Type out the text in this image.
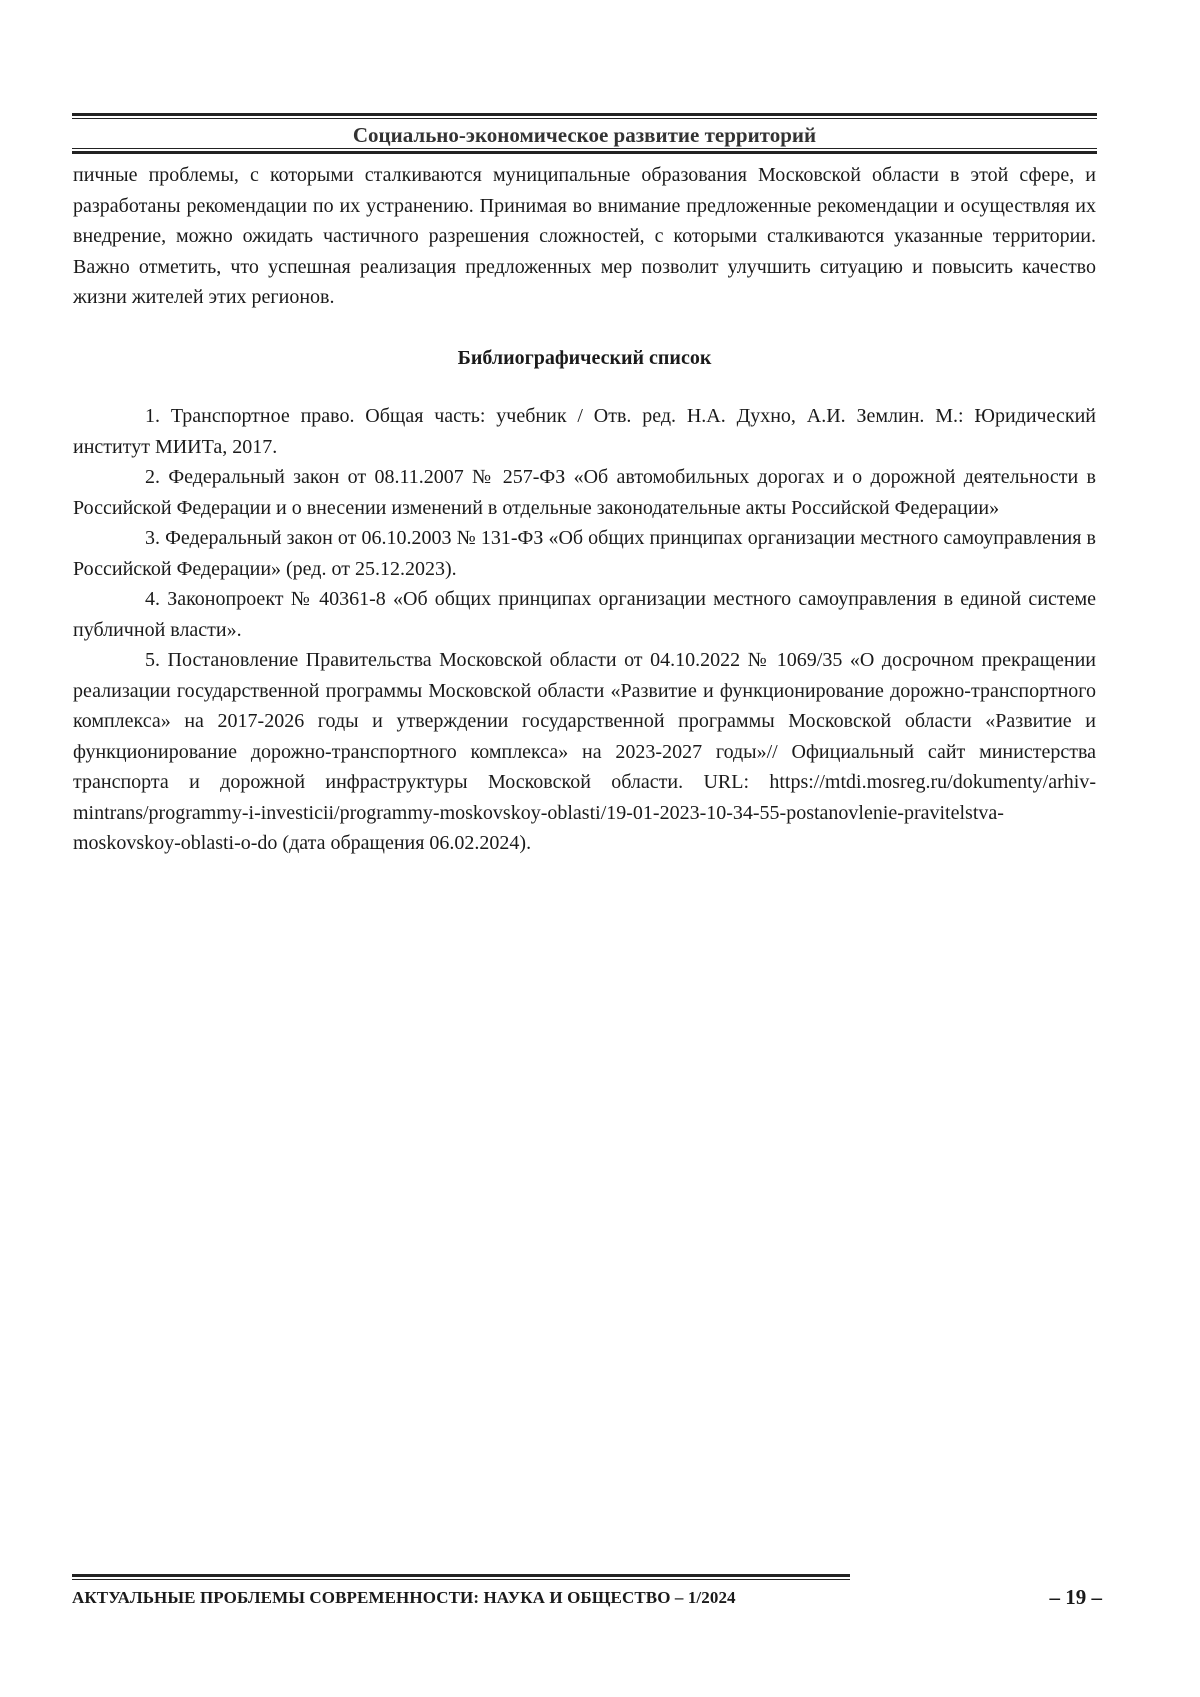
Социально-экономическое развитие территорий

пичные проблемы, с которыми сталкиваются муниципальные образования Московской области в этой сфере, и разработаны рекомендации по их устранению. Принимая во внимание предложенные рекомендации и осуществляя их внедрение, можно ожидать частичного разрешения сложностей, с которыми сталкиваются указанные территории. Важно отметить, что успешная реализация предложенных мер позволит улучшить ситуацию и повысить качество жизни жителей этих регионов.

Библиографический список

1. Транспортное право. Общая часть: учебник / Отв. ред. Н.А. Духно, А.И. Землин. М.: Юридический институт МИИТа, 2017.

2. Федеральный закон от 08.11.2007 № 257-ФЗ «Об автомобильных дорогах и о дорожной деятельности в Российской Федерации и о внесении изменений в отдельные законодательные акты Российской Федерации»

3. Федеральный закон от 06.10.2003 № 131-ФЗ «Об общих принципах организации местного самоуправления в Российской Федерации» (ред. от 25.12.2023).

4. Законопроект № 40361-8 «Об общих принципах организации местного самоуправления в единой системе публичной власти».

5. Постановление Правительства Московской области от 04.10.2022 № 1069/35 «О досрочном прекращении реализации государственной программы Московской области «Развитие и функционирование дорожно-транспортного комплекса» на 2017-2026 годы и утверждении государственной программы Московской области «Развитие и функционирование дорожно-транспортного комплекса» на 2023-2027 годы»// Официальный сайт министерства транспорта и дорожной инфраструктуры Московской области. URL: https://mtdi.mosreg.ru/dokumenty/arhiv-mintrans/programmy-i-investicii/programmy-moskovskoy-oblasti/19-01-2023-10-34-55-postanovlenie-pravitelstva-moskovskoy-oblasti-o-do (дата обращения 06.02.2024).

АКТУАЛЬНЫЕ ПРОБЛЕМЫ СОВРЕМЕННОСТИ: НАУКА И ОБЩЕСТВО – 1/2024	– 19 –
